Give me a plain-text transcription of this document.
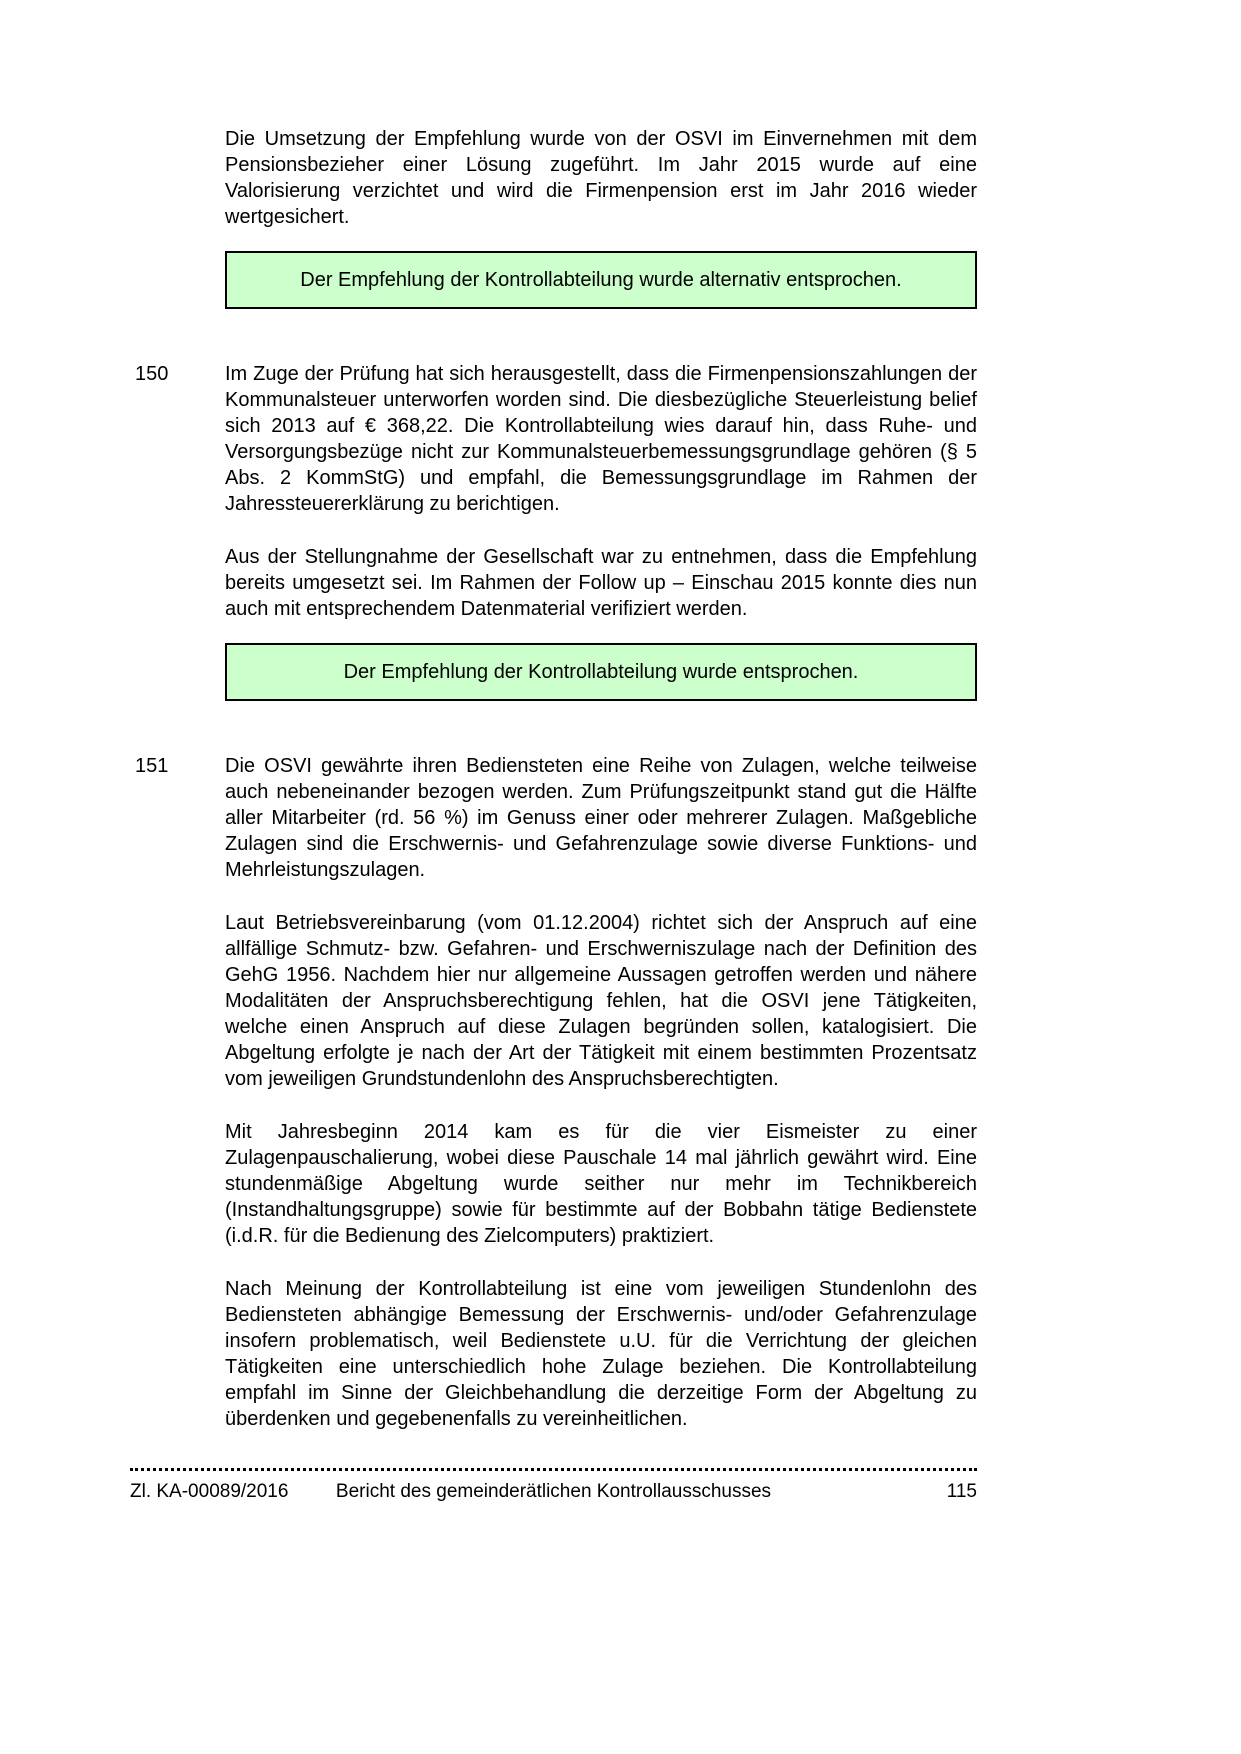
Die Umsetzung der Empfehlung wurde von der OSVI im Einvernehmen mit dem Pensionsbezieher einer Lösung zugeführt. Im Jahr 2015 wurde auf eine Valorisierung verzichtet und wird die Firmenpension erst im Jahr 2016 wieder wertgesichert.
Der Empfehlung der Kontrollabteilung wurde alternativ entsprochen.
150	Im Zuge der Prüfung hat sich herausgestellt, dass die Firmenpensionszahlungen der Kommunalsteuer unterworfen worden sind. Die diesbezügliche Steuerleistung belief sich 2013 auf € 368,22. Die Kontrollabteilung wies darauf hin, dass Ruhe- und Versorgungsbezüge nicht zur Kommunalsteuerbemessungsgrundlage gehören (§ 5 Abs. 2 KommStG) und empfahl, die Bemessungsgrundlage im Rahmen der Jahressteuererklärung zu berichtigen.
Aus der Stellungnahme der Gesellschaft war zu entnehmen, dass die Empfehlung bereits umgesetzt sei. Im Rahmen der Follow up – Einschau 2015 konnte dies nun auch mit entsprechendem Datenmaterial verifiziert werden.
Der Empfehlung der Kontrollabteilung wurde entsprochen.
151	Die OSVI gewährte ihren Bediensteten eine Reihe von Zulagen, welche teilweise auch nebeneinander bezogen werden. Zum Prüfungszeitpunkt stand gut die Hälfte aller Mitarbeiter (rd. 56 %) im Genuss einer oder mehrerer Zulagen. Maßgebliche Zulagen sind die Erschwernis- und Gefahrenzulage sowie diverse Funktions- und Mehrleistungszulagen.
Laut Betriebsvereinbarung (vom 01.12.2004) richtet sich der Anspruch auf eine allfällige Schmutz- bzw. Gefahren- und Erschwerniszulage nach der Definition des GehG 1956. Nachdem hier nur allgemeine Aussagen getroffen werden und nähere Modalitäten der Anspruchsberechtigung fehlen, hat die OSVI jene Tätigkeiten, welche einen Anspruch auf diese Zulagen begründen sollen, katalogisiert. Die Abgeltung erfolgte je nach der Art der Tätigkeit mit einem bestimmten Prozentsatz vom jeweiligen Grundstundenlohn des Anspruchsberechtigten.
Mit Jahresbeginn 2014 kam es für die vier Eismeister zu einer Zulagenpauschalierung, wobei diese Pauschale 14 mal jährlich gewährt wird. Eine stundenmäßige Abgeltung wurde seither nur mehr im Technikbereich (Instandhaltungsgruppe) sowie für bestimmte auf der Bobbahn tätige Bedienstete (i.d.R. für die Bedienung des Zielcomputers) praktiziert.
Nach Meinung der Kontrollabteilung ist eine vom jeweiligen Stundenlohn des Bediensteten abhängige Bemessung der Erschwernis- und/oder Gefahrenzulage insofern problematisch, weil Bedienstete u.U. für die Verrichtung der gleichen Tätigkeiten eine unterschiedlich hohe Zulage beziehen. Die Kontrollabteilung empfahl im Sinne der Gleichbehandlung die derzeitige Form der Abgeltung zu überdenken und gegebenenfalls zu vereinheitlichen.
Zl. KA-00089/2016	Bericht des gemeinderätlichen Kontrollausschusses	115
